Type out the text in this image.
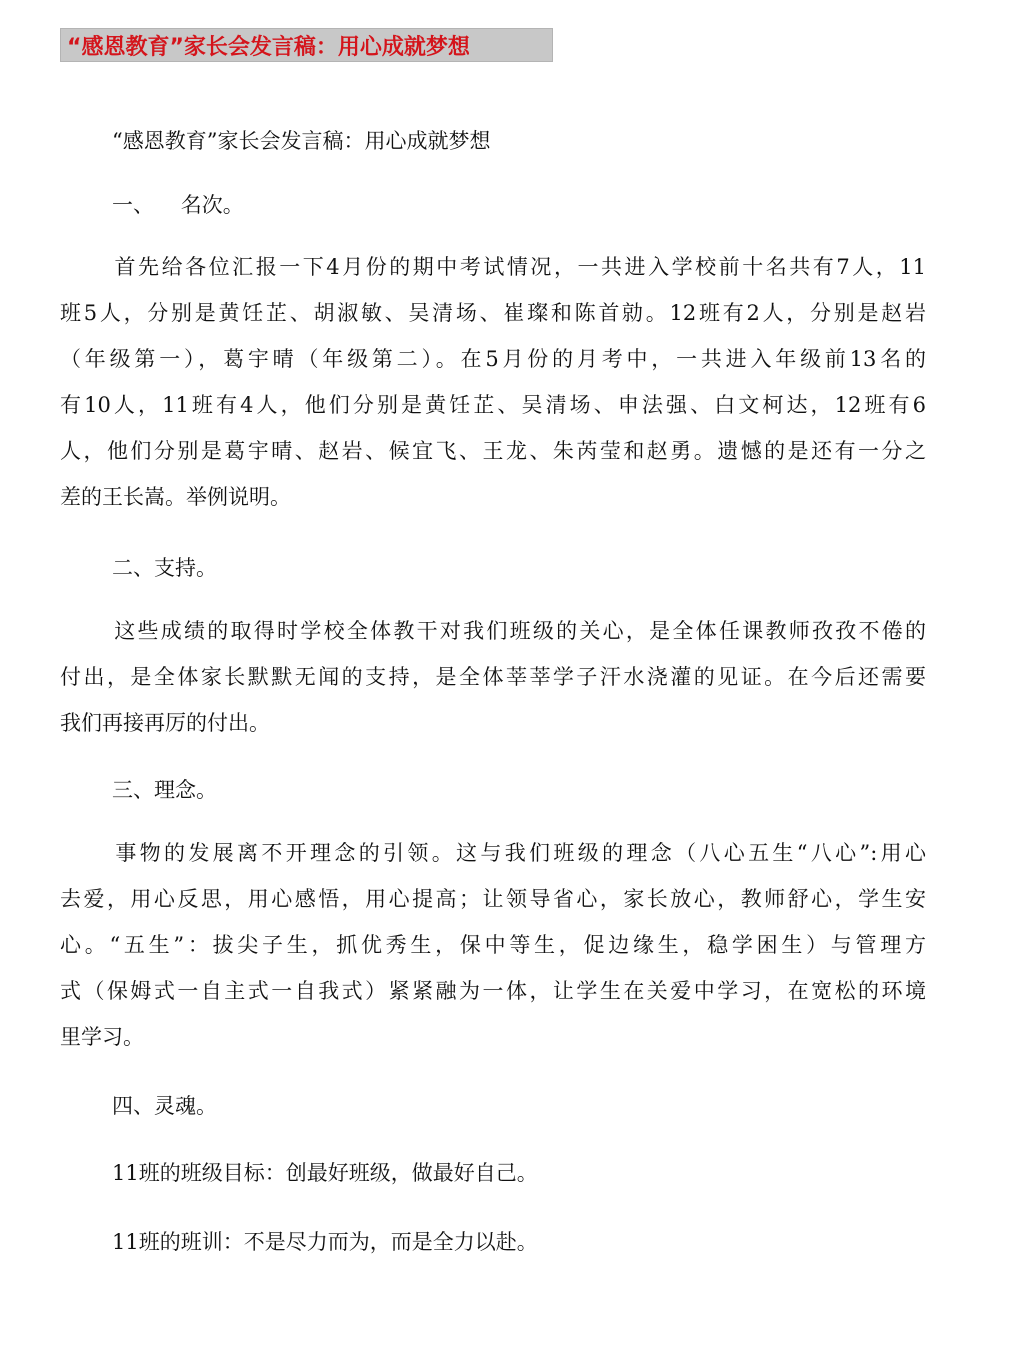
“感恩教育”家长会发言稿：用心成就梦想
“感恩教育”家长会发言稿：用心成就梦想
一、    名次。
首先给各位汇报一下4月份的期中考试情况，一共进入学校前十名共有7人，11
班5人，分别是黄饪芷、胡淑敏、吴清场、崔璨和陈首勍。12班有2人，分别是赵岩
（年级第一），葛宇晴（年级第二）。在5月份的月考中，一共进入年级前13名的
有10人，11班有4人，他们分别是黄饪芷、吴清场、申法强、白文柯达，12班有6
人，他们分别是葛宇晴、赵岩、候宜飞、王龙、朱芮莹和赵勇。遗憾的是还有一分之
差的王长嵩。举例说明。
二、支持。
这些成绩的取得时学校全体教干对我们班级的关心，是全体任课教师孜孜不倦的
付出，是全体家长默默无闻的支持，是全体莘莘学子汗水浇灌的见证。在今后还需要
我们再接再厉的付出。
三、理念。
事物的发展离不开理念的引领。这与我们班级的理念（八心五生“八心”:用心
去爱，用心反思，用心感悟，用心提高；让领导省心，家长放心，教师舒心，学生安
心。“五生”：拔尖子生，抓优秀生，保中等生，促边缘生，稳学困生）与管理方
式（保姆式一自主式一自我式）紧紧融为一体，让学生在关爱中学习，在宽松的环境
里学习。
四、灵魂。
11班的班级目标：创最好班级，做最好自己。
11班的班训：不是尽力而为，而是全力以赴。
